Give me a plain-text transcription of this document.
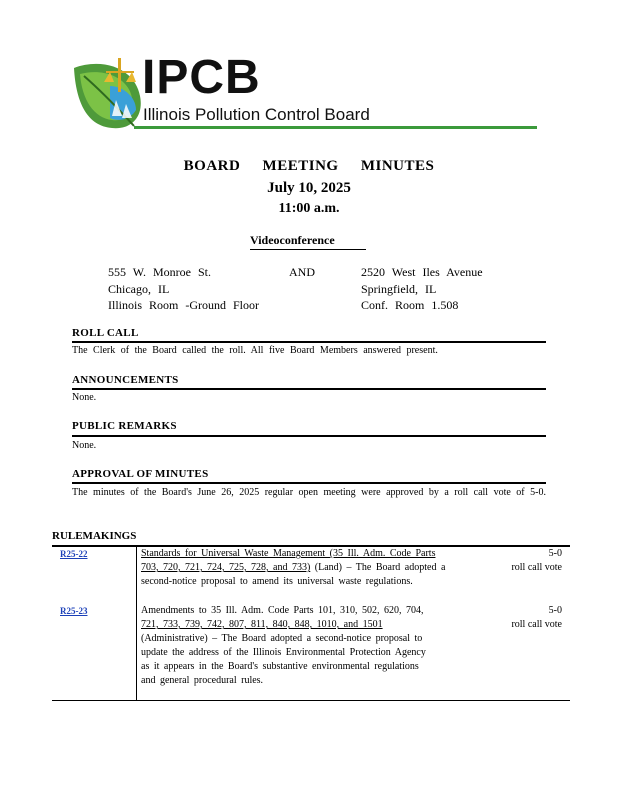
IPCB
Illinois Pollution Control Board
BOARD MEETING MINUTES
July 10, 2025
11:00 a.m.
Videoconference
555 W. Monroe St.
Chicago, IL
Illinois Room -Ground Floor
AND	2520 West Iles Avenue
Springfield, IL
Conf. Room 1.508
ROLL CALL
The Clerk of the Board called the roll. All five Board Members answered present.
ANNOUNCEMENTS
None.
PUBLIC REMARKS
None.
APPROVAL OF MINUTES
The minutes of the Board's June 26, 2025 regular open meeting were approved by a roll call vote of 5-0.
RULEMAKINGS
R25-22	Standards for Universal Waste Management (35 Ill. Adm. Code Parts
703, 720, 721, 724, 725, 728, and 733) (Land) – The Board adopted a
second-notice proposal to amend its universal waste regulations.
5-0
roll call vote
R25-23	Amendments to 35 Ill. Adm. Code Parts 101, 310, 502, 620, 704,
721, 733, 739, 742, 807, 811, 840, 848, 1010, and 1501
(Administrative) – The Board adopted a second-notice proposal to
update the address of the Illinois Environmental Protection Agency
as it appears in the Board's substantive environmental regulations
and general procedural rules.
5-0
roll call vote
